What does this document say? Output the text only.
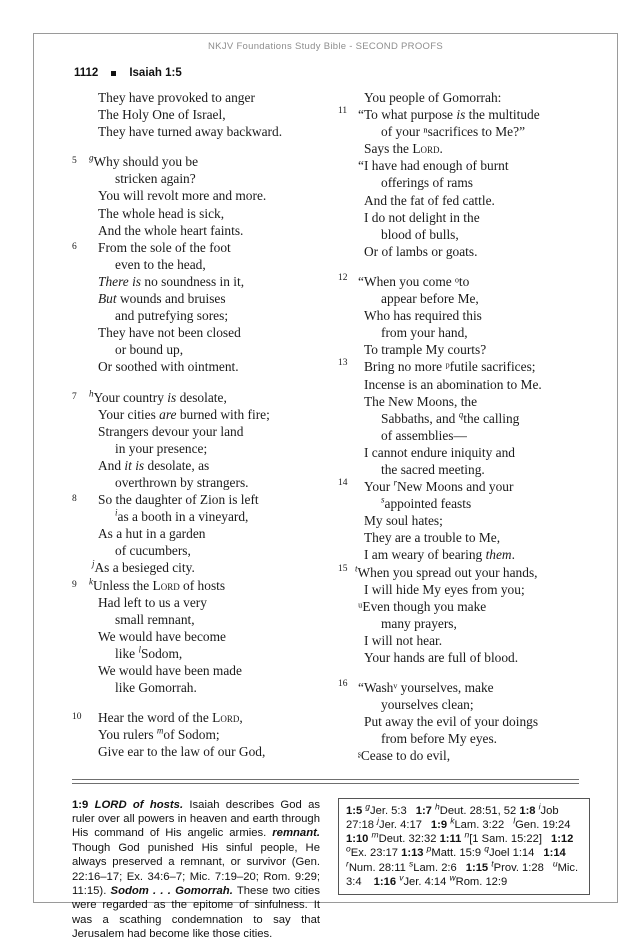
NKJV Foundations Study Bible - SECOND PROOFS
1112	Isaiah 1:5
They have provoked to anger
The Holy One of Israel,
They have turned away backward.
5	$^g$Why should you be
stricken again?
You will revolt more and more.
The whole head is sick,
And the whole heart faints.
6	From the sole of the foot
even to the head,
There is no soundness in it,
But wounds and bruises
and putrefying sores;
They have not been closed
or bound up,
Or soothed with ointment.
7	$^h$Your country is desolate,
Your cities are burned with fire;
Strangers devour your land
in your presence;
And it is desolate, as
overthrown by strangers.
8	So the daughter of Zion is left
$^i$as a booth in a vineyard,
As a hut in a garden
of cucumbers,
$^j$As a besieged city.
9	$^k$Unless the Lord of hosts
Had left to us a very
small remnant,
We would have become
like $^l$Sodom,
We would have been made
like Gomorrah.
10	Hear the word of the Lord,
You rulers $^m$of Sodom;
Give ear to the law of our God,
You people of Gomorrah:
11 “To what purpose is the multitude
of your ⁿsacrifices to Me?”
Says the Lord.
“I have had enough of burnt
offerings of rams
And the fat of fed cattle.
I do not delight in the
blood of bulls,
Or of lambs or goats.
12 “When you come ᵒto
appear before Me,
Who has required this
from your hand,
To trample My courts?
13	Bring no more ᵖfutile sacrifices;
Incense is an abomination to Me.
The New Moons, the
Sabbaths, and $^q$the calling
of assemblies—
I cannot endure iniquity and
the sacred meeting.
14	Your $^r$New Moons and your
$^s$appointed feasts
My soul hates;
They are a trouble to Me,
I am weary of bearing them.
15 $^t$When you spread out your hands,
I will hide My eyes from you;
ᵘEven though you make
many prayers,
I will not hear.
Your hands are full of blood.
16 “Washᵛ yourselves, make
yourselves clean;
Put away the evil of your doings
from before My eyes.
ᶳCease to do evil,
1:9 LORD of hosts. Isaiah describes God as ruler over all powers in heaven and earth through His command of His angelic armies. remnant. Though God punished His sinful people, He always preserved a remnant, or survivor (Gen. 22:16–17; Ex. 34:6–7; Mic. 7:19–20; Rom. 9:29; 11:15). Sodom . . . Gomorrah. These two cities were regarded as the epitome of sinfulness. It was a scathing condemnation to say that Jerusalem had become like those cities.
1:5 $^g$Jer. 5:3 1:7 $^h$Deut. 28:51, 52 1:8 $^i$Job 27:18 $^j$Jer. 4:17 1:9 $^k$Lam. 3:22 $^l$Gen. 19:241:10 $^m$Deut. 32:32 1:11 $^n$[1 Sam. 15:22] 1:12 $^o$Ex. 23:17 1:13 $^p$Matt. 15:9 $^q$Joel 1:14 1:14 $^r$Num. 28:11 $^s$Lam. 2:6 1:15 $^t$Prov. 1:28 $^u$Mic. 3:4 1:16 $^v$Jer. 4:14 $^w$Rom. 12:9
